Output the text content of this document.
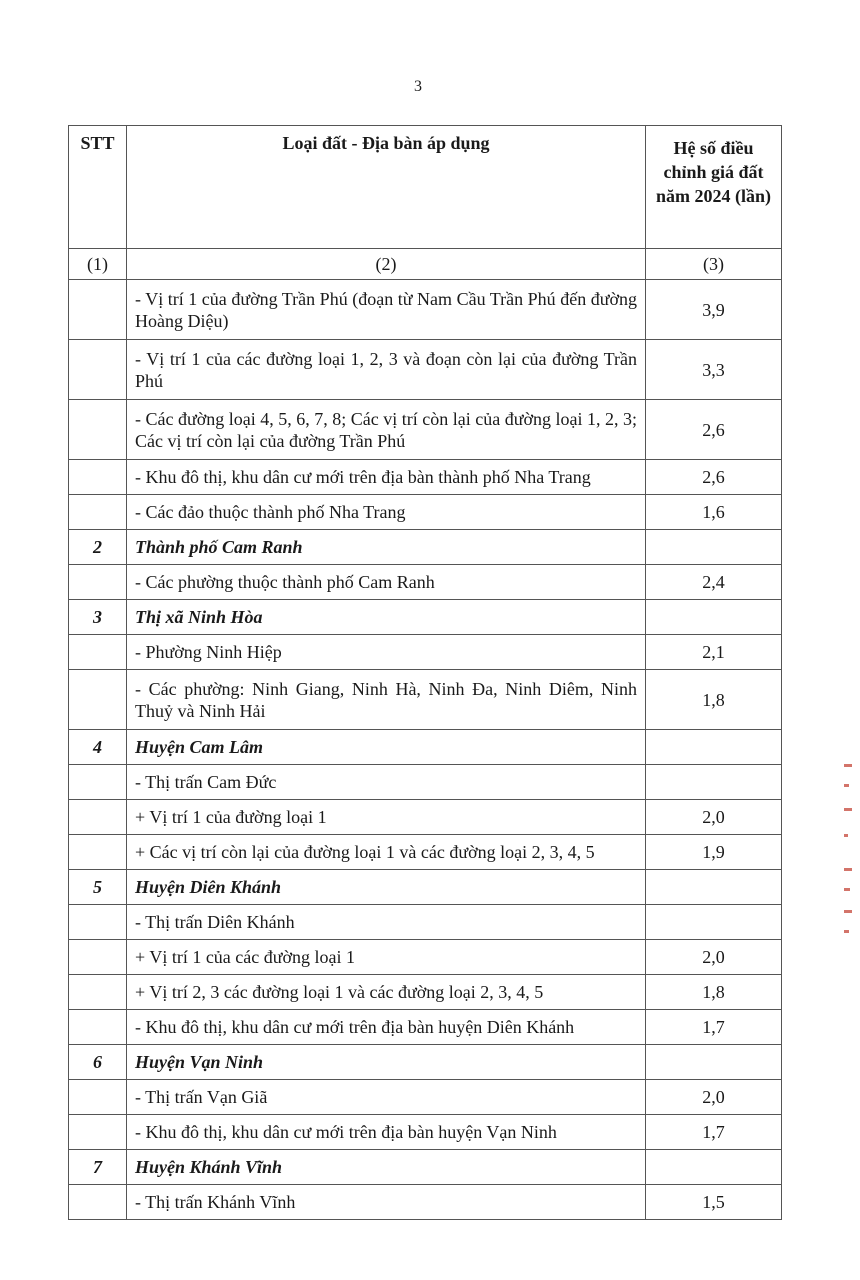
3
STT	Loại đất - Địa bàn áp dụng	Hệ số điều chỉnh giá đất năm 2024 (lần)
(1)	(2)	(3)
	- Vị trí 1 của đường Trần Phú (đoạn từ Nam Cầu Trần Phú đến đường Hoàng Diệu)	3,9
	- Vị trí 1 của các đường loại 1, 2, 3 và đoạn còn lại của đường Trần Phú	3,3
	- Các đường loại 4, 5, 6, 7, 8; Các vị trí còn lại của đường loại 1, 2, 3; Các vị trí còn lại của đường Trần Phú	2,6
	- Khu đô thị, khu dân cư mới trên địa bàn thành phố Nha Trang	2,6
	- Các đảo thuộc thành phố Nha Trang	1,6
2	Thành phố Cam Ranh	
	- Các phường thuộc thành phố Cam Ranh	2,4
3	Thị xã Ninh Hòa	
	- Phường Ninh Hiệp	2,1
	- Các phường: Ninh Giang, Ninh Hà, Ninh Đa, Ninh Diêm, Ninh Thuỷ và Ninh Hải	1,8
4	Huyện Cam Lâm	
	- Thị trấn Cam Đức	
	+ Vị trí 1 của đường loại 1	2,0
	+ Các vị trí còn lại của đường loại 1 và các đường loại 2, 3, 4, 5	1,9
5	Huyện Diên Khánh	
	- Thị trấn Diên Khánh	
	+ Vị trí 1 của các đường loại 1	2,0
	+ Vị trí 2, 3 các đường loại 1 và các đường loại 2, 3, 4, 5	1,8
	- Khu đô thị, khu dân cư mới trên địa bàn huyện Diên Khánh	1,7
6	Huyện Vạn Ninh	
	- Thị trấn Vạn Giã	2,0
	- Khu đô thị, khu dân cư mới trên địa bàn huyện Vạn Ninh	1,7
7	Huyện Khánh Vĩnh	
	- Thị trấn Khánh Vĩnh	1,5
